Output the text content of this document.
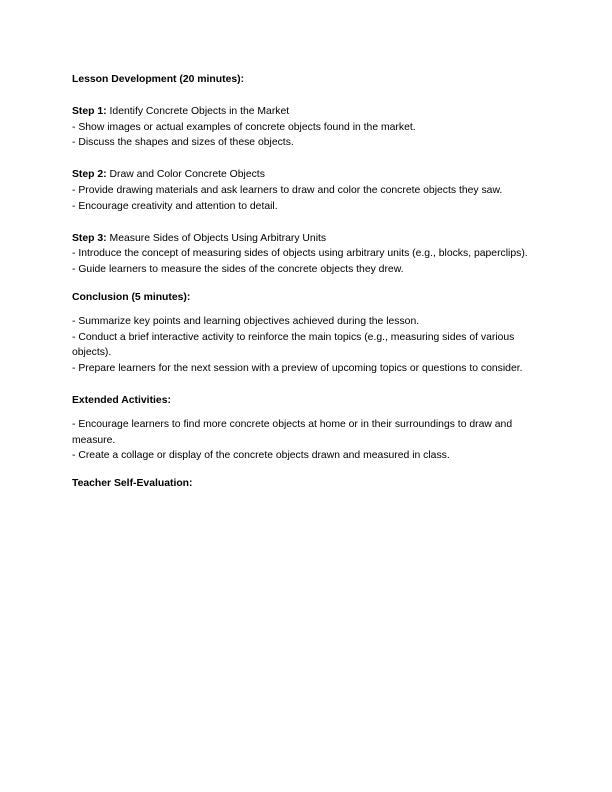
Lesson Development (20 minutes):

Step 1: Identify Concrete Objects in the Market

- Show images or actual examples of concrete objects found in the market.

- Discuss the shapes and sizes of these objects.

Step 2: Draw and Color Concrete Objects

- Provide drawing materials and ask learners to draw and color the concrete objects they saw.

- Encourage creativity and attention to detail.

Step 3: Measure Sides of Objects Using Arbitrary Units

- Introduce the concept of measuring sides of objects using arbitrary units (e.g., blocks, paperclips).

- Guide learners to measure the sides of the concrete objects they drew.

Conclusion (5 minutes):

- Summarize key points and learning objectives achieved during the lesson.

- Conduct a brief interactive activity to reinforce the main topics (e.g., measuring sides of various objects).

- Prepare learners for the next session with a preview of upcoming topics or questions to consider.

Extended Activities:

- Encourage learners to find more concrete objects at home or in their surroundings to draw and measure.

- Create a collage or display of the concrete objects drawn and measured in class.

Teacher Self-Evaluation:
